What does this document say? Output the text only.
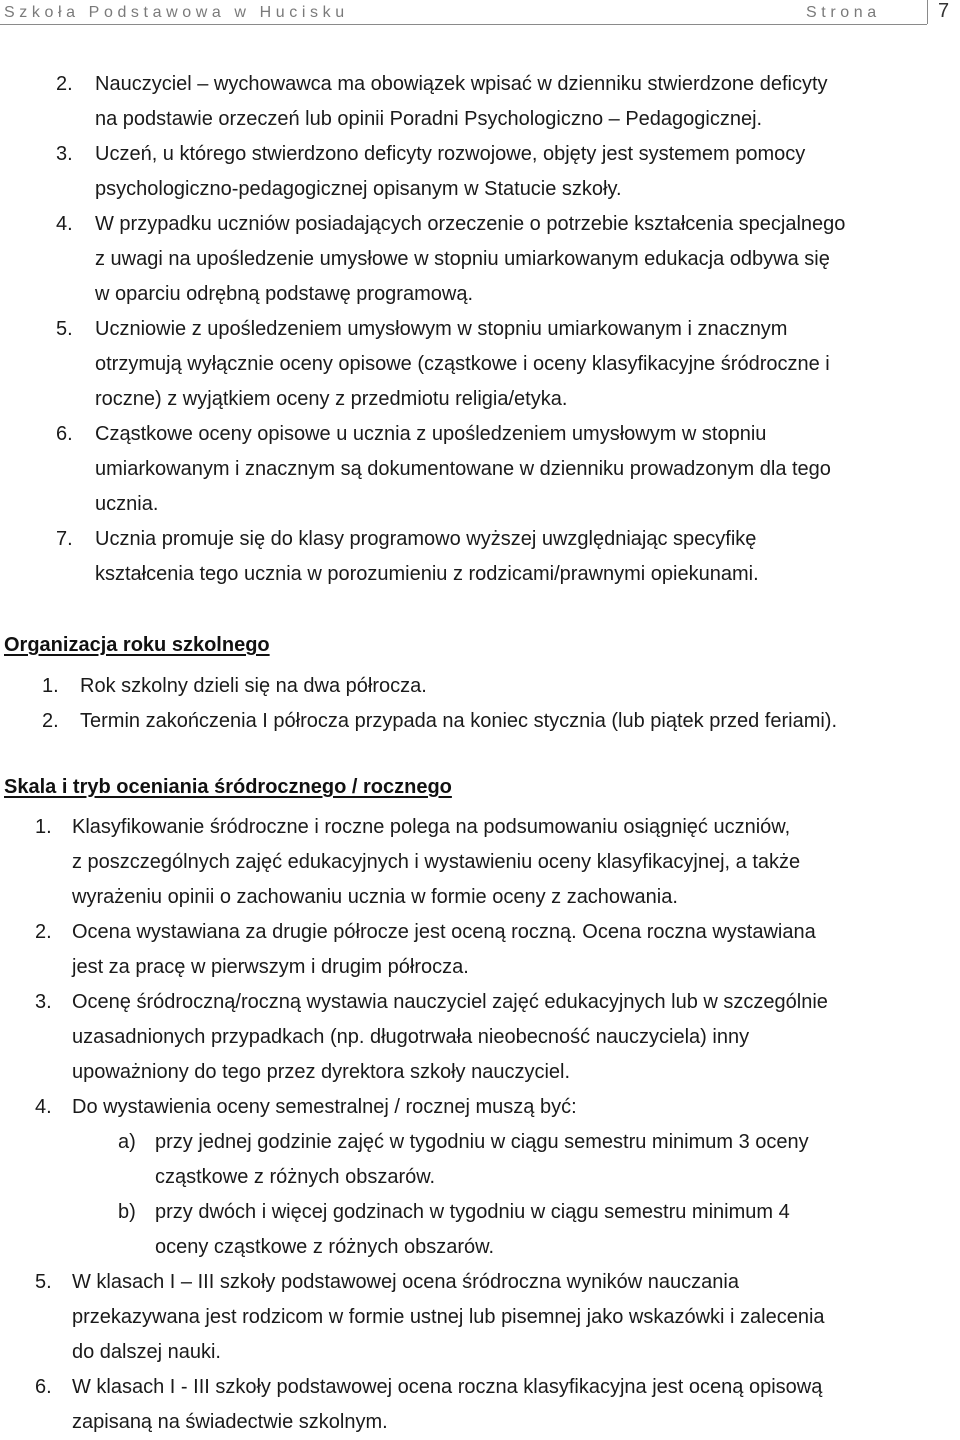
Szkoła Podstawowa w Hucisku	Strona	7
2. Nauczyciel – wychowawca ma obowiązek wpisać w dzienniku stwierdzone deficyty
na podstawie orzeczeń lub opinii Poradni Psychologiczno – Pedagogicznej.
3. Uczeń, u którego stwierdzono deficyty rozwojowe, objęty jest systemem pomocy
psychologiczno-pedagogicznej opisanym w Statucie szkoły.
4. W przypadku uczniów posiadających orzeczenie o potrzebie kształcenia specjalnego
z uwagi na upośledzenie umysłowe w stopniu umiarkowanym edukacja odbywa się
w oparciu odrębną podstawę programową.
5. Uczniowie z upośledzeniem umysłowym w stopniu umiarkowanym i znacznym
otrzymują wyłącznie oceny opisowe (cząstkowe i oceny klasyfikacyjne śródroczne i
roczne) z wyjątkiem oceny z przedmiotu religia/etyka.
6. Cząstkowe oceny opisowe u ucznia z upośledzeniem umysłowym w stopniu
umiarkowanym i znacznym są dokumentowane w dzienniku prowadzonym dla tego
ucznia.
7. Ucznia promuje się do klasy programowo wyższej uwzględniając specyfikę
kształcenia tego ucznia w porozumieniu z rodzicami/prawnymi opiekunami.
Organizacja roku szkolnego
1. Rok szkolny dzieli się na dwa półrocza.
2. Termin zakończenia I półrocza przypada na koniec stycznia (lub piątek przed feriami).
Skala i tryb oceniania śródrocznego / rocznego
1. Klasyfikowanie śródroczne i roczne polega na podsumowaniu osiągnięć uczniów,
z poszczególnych zajęć edukacyjnych i wystawieniu oceny klasyfikacyjnej, a także
wyrażeniu opinii o zachowaniu ucznia w formie oceny z zachowania.
2. Ocena wystawiana za drugie półrocze jest oceną roczną. Ocena roczna wystawiana
jest za pracę w pierwszym i drugim półrocza.
3. Ocenę śródroczną/roczną wystawia nauczyciel zajęć edukacyjnych lub w szczególnie
uzasadnionych przypadkach (np. długotrwała nieobecność nauczyciela) inny
upoważniony do tego przez dyrektora szkoły nauczyciel.
4. Do wystawienia oceny semestralnej / rocznej muszą być:
a) przy jednej godzinie zajęć w tygodniu w ciągu semestru minimum 3 oceny
cząstkowe z różnych obszarów.
b) przy dwóch i więcej godzinach w tygodniu w ciągu semestru minimum 4
oceny cząstkowe z różnych obszarów.
5. W klasach I – III szkoły podstawowej ocena śródroczna wyników nauczania
przekazywana jest rodzicom w formie ustnej lub pisemnej jako wskazówki i zalecenia
do dalszej nauki.
6. W klasach I - III szkoły podstawowej ocena roczna klasyfikacyjna jest oceną opisową
zapisaną na świadectwie szkolnym.
